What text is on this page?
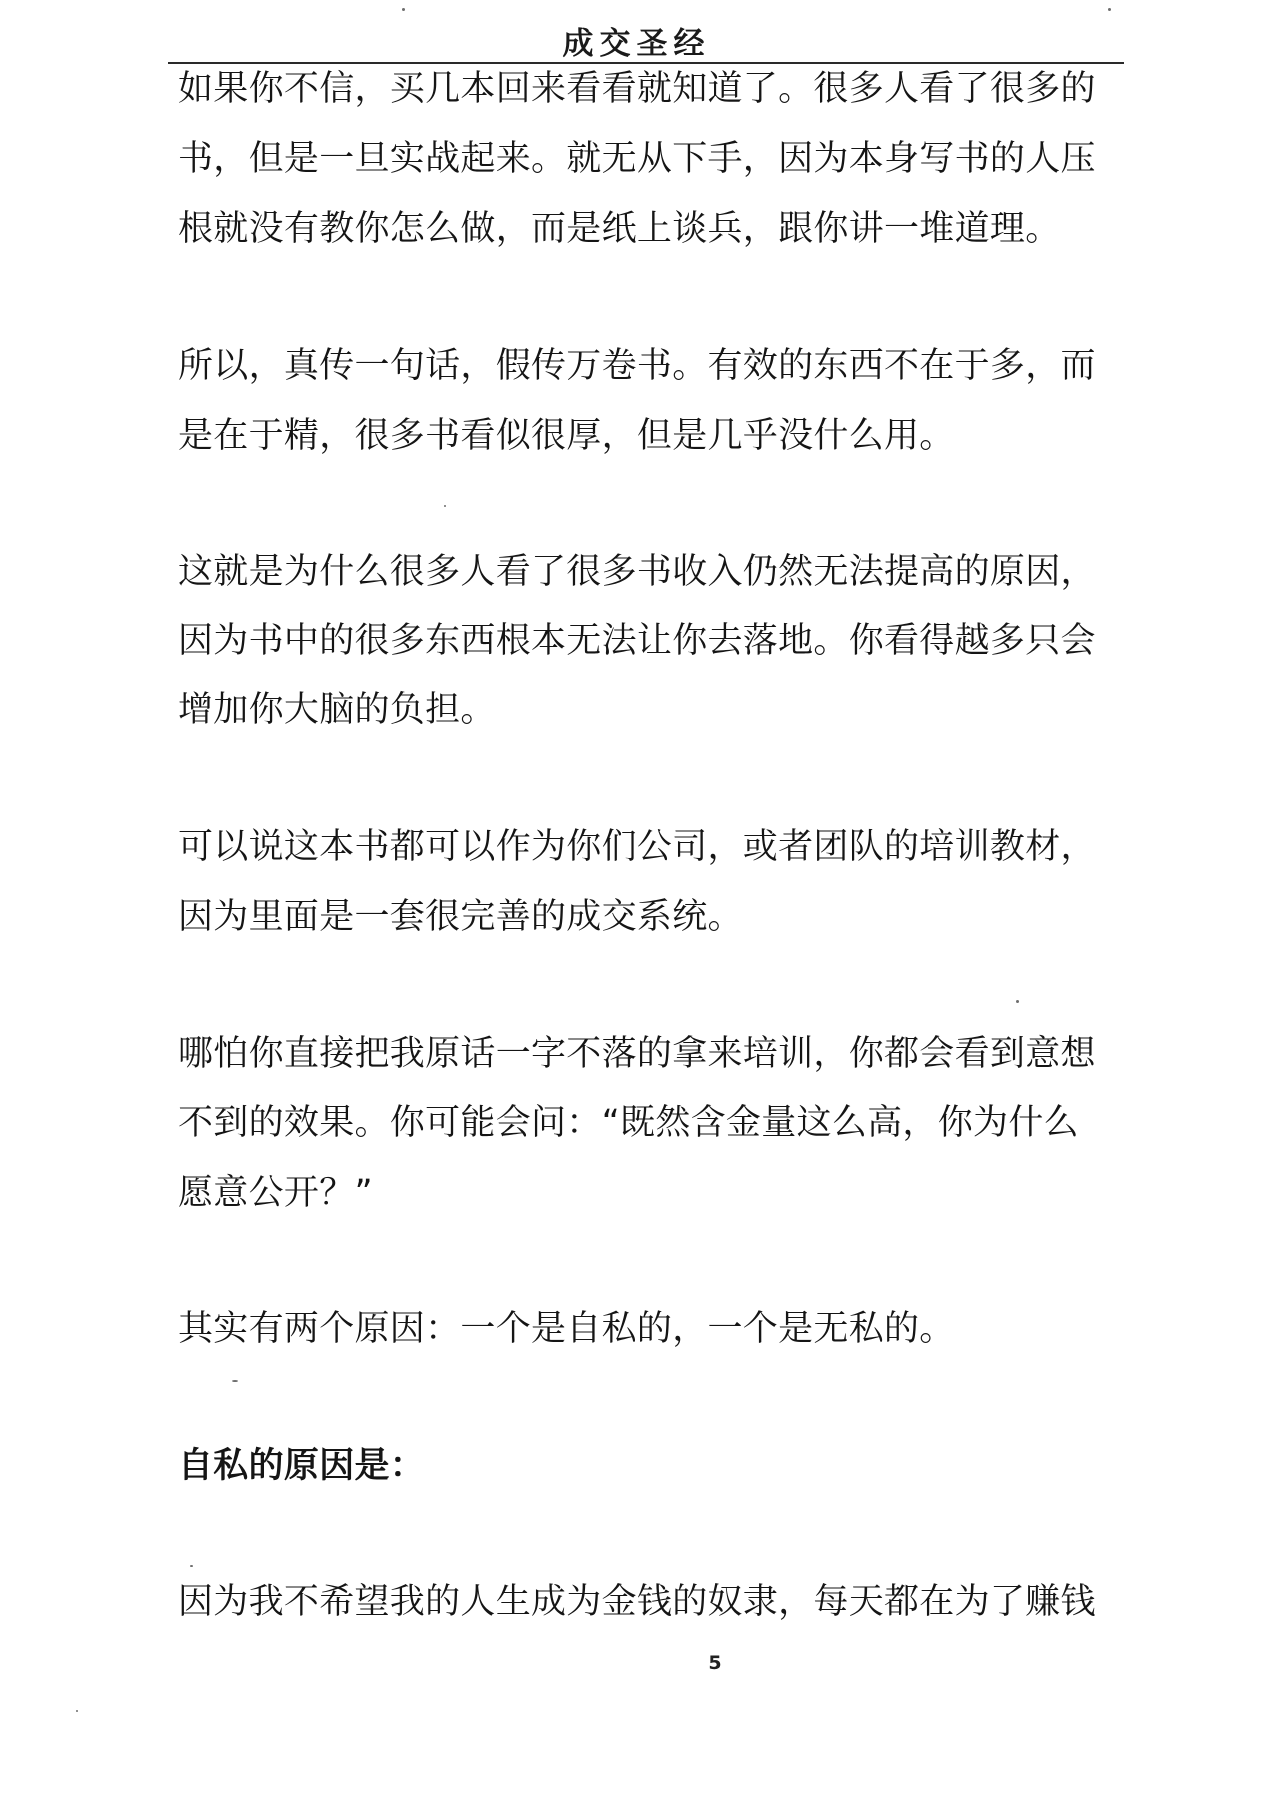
成交圣经
如果你不信，买几本回来看看就知道了。很多人看了很多的
书，但是一旦实战起来。就无从下手，因为本身写书的人压
根就没有教你怎么做，而是纸上谈兵，跟你讲一堆道理。
所以，真传一句话，假传万卷书。有效的东西不在于多，而
是在于精，很多书看似很厚，但是几乎没什么用。
这就是为什么很多人看了很多书收入仍然无法提高的原因，
因为书中的很多东西根本无法让你去落地。你看得越多只会
增加你大脑的负担。
可以说这本书都可以作为你们公司，或者团队的培训教材，
因为里面是一套很完善的成交系统。
哪怕你直接把我原话一字不落的拿来培训，你都会看到意想
不到的效果。你可能会问：“既然含金量这么高，你为什么
愿意公开？”
其实有两个原因：一个是自私的，一个是无私的。
自私的原因是：
因为我不希望我的人生成为金钱的奴隶，每天都在为了赚钱
5
